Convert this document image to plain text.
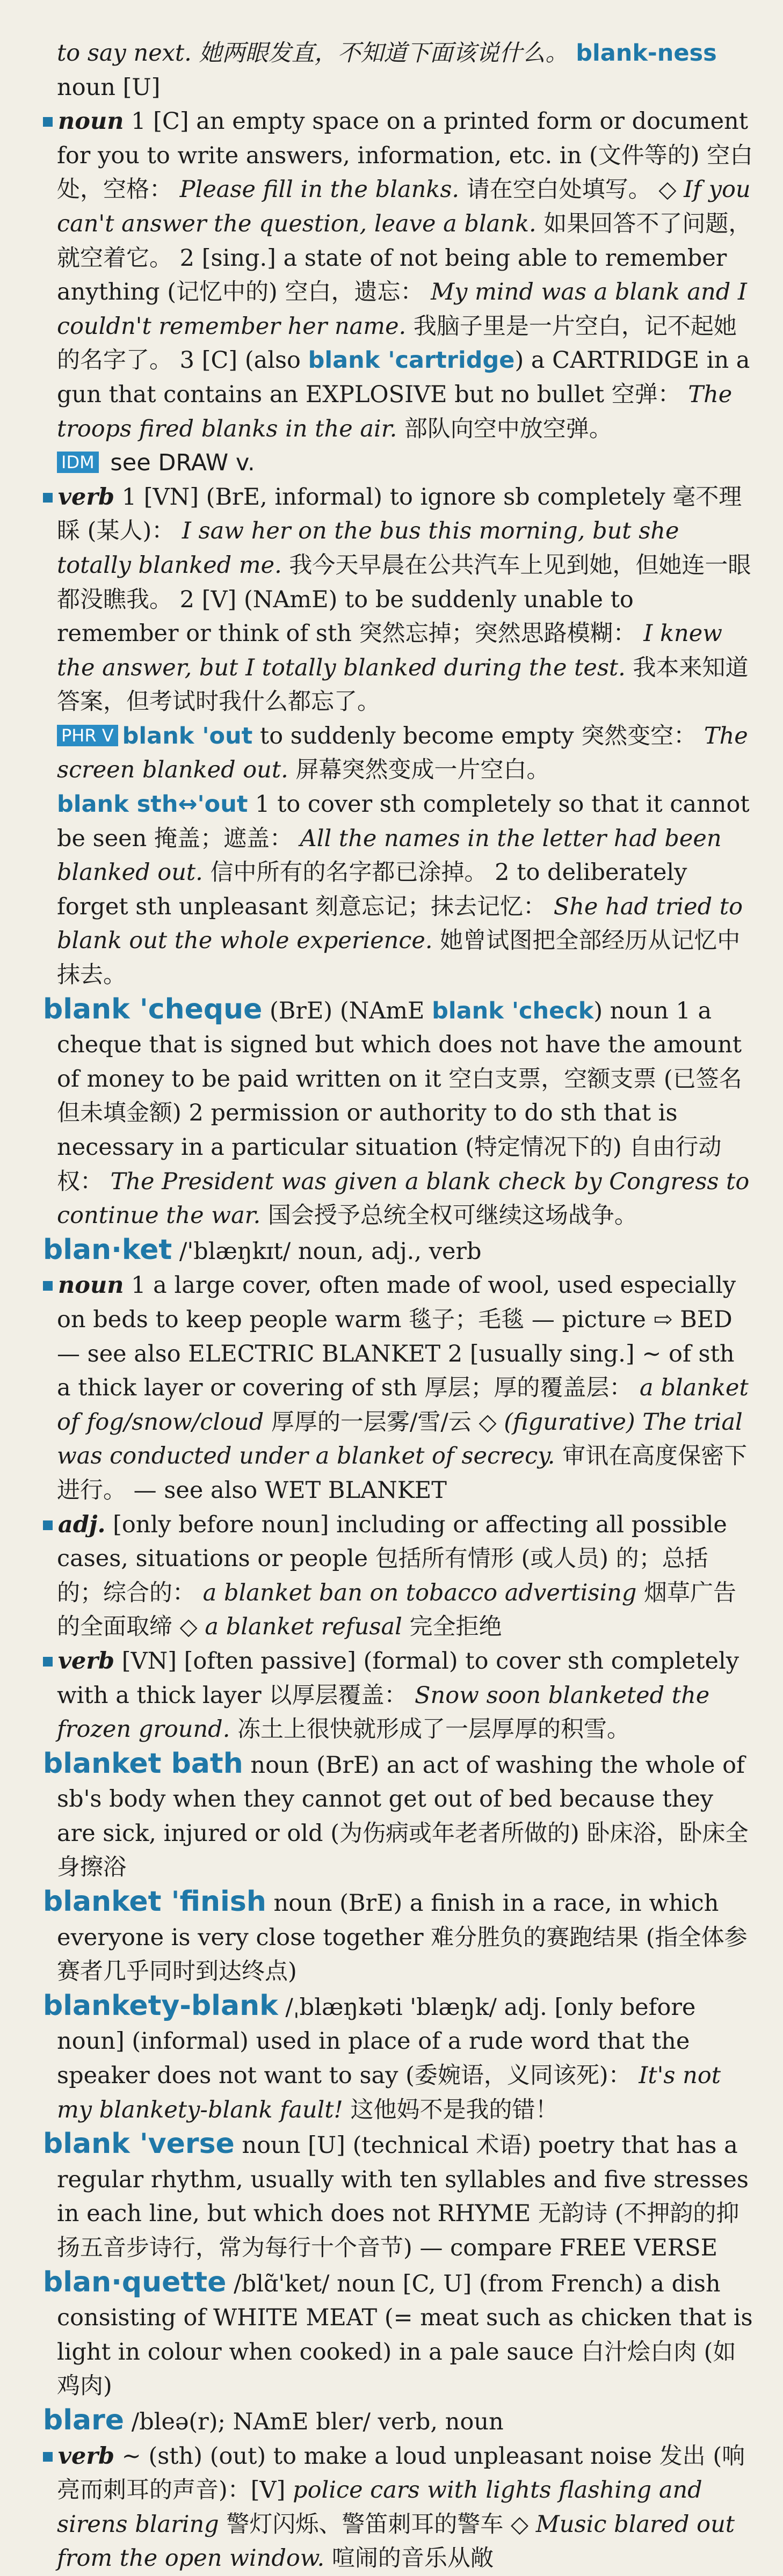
to say next. 她两眼发直，不知道下面该说什么。 blank-ness noun [U]

noun 1 [C] an empty space on a printed form or document for you to write answers, information, etc. in (文件等的) 空白处，空格： Please fill in the blanks. 请在空白处填写。 ◇ If you can't answer the question, leave a blank. 如果回答不了问题，就空着它。 2 [sing.] a state of not being able to remember anything (记忆中的) 空白，遗忘： My mind was a blank and I couldn't remember her name. 我脑子里是一片空白，记不起她的名字了。 3 [C] (also blank 'cartridge) a CARTRIDGE in a gun that contains an EXPLOSIVE but no bullet 空弹： The troops fired blanks in the air. 部队向空中放空弹。

IDM see DRAW v.

verb 1 [VN] (BrE, informal) to ignore sb completely 毫不理睬 (某人)： I saw her on the bus this morning, but she totally blanked me. 我今天早晨在公共汽车上见到她，但她连一眼都没瞧我。 2 [V] (NAmE) to be suddenly unable to remember or think of sth 突然忘掉；突然思路模糊： I knew the answer, but I totally blanked during the test. 我本来知道答案，但考试时我什么都忘了。

PHR V blank 'out to suddenly become empty 突然变空： The screen blanked out. 屏幕突然变成一片空白。

blank sth↔'out 1 to cover sth completely so that it cannot be seen 掩盖；遮盖： All the names in the letter had been blanked out. 信中所有的名字都已涂掉。 2 to deliberately forget sth unpleasant 刻意忘记；抹去记忆： She had tried to blank out the whole experience. 她曾试图把全部经历从记忆中抹去。

blank 'cheque (BrE) (NAmE blank 'check) noun 1 a cheque that is signed but which does not have the amount of money to be paid written on it 空白支票，空额支票 (已签名但未填金额) 2 permission or authority to do sth that is necessary in a particular situation (特定情况下的) 自由行动权： The President was given a blank check by Congress to continue the war. 国会授予总统全权可继续这场战争。

blan·ket /'blæŋkɪt/ noun, adj., verb

noun 1 a large cover, often made of wool, used especially on beds to keep people warm 毯子；毛毯 — picture ⇨ BED — see also ELECTRIC BLANKET 2 [usually sing.] ~ of sth a thick layer or covering of sth 厚层；厚的覆盖层： a blanket of fog/snow/cloud 厚厚的一层雾/雪/云 ◇ (figurative) The trial was conducted under a blanket of secrecy. 审讯在高度保密下进行。 — see also WET BLANKET

adj. [only before noun] including or affecting all possible cases, situations or people 包括所有情形 (或人员) 的；总括的；综合的： a blanket ban on tobacco advertising 烟草广告的全面取缔 ◇ a blanket refusal 完全拒绝

verb [VN] [often passive] (formal) to cover sth completely with a thick layer 以厚层覆盖： Snow soon blanketed the frozen ground. 冻土上很快就形成了一层厚厚的积雪。

blanket bath noun (BrE) an act of washing the whole of sb's body when they cannot get out of bed because they are sick, injured or old (为伤病或年老者所做的) 卧床浴，卧床全身擦浴

blanket 'finish noun (BrE) a finish in a race, in which everyone is very close together 难分胜负的赛跑结果 (指全体参赛者几乎同时到达终点)

blankety-blank /ˌblæŋkəti 'blæŋk/ adj. [only before noun] (informal) used in place of a rude word that the speaker does not want to say (委婉语，义同该死)： It's not my blankety-blank fault! 这他妈不是我的错！

blank 'verse noun [U] (technical 术语) poetry that has a regular rhythm, usually with ten syllables and five stresses in each line, but which does not RHYME 无韵诗 (不押韵的抑扬五音步诗行，常为每行十个音节) — compare FREE VERSE

blan·quette /blɑ̃'ket/ noun [C, U] (from French) a dish consisting of WHITE MEAT (= meat such as chicken that is light in colour when cooked) in a pale sauce 白汁烩白肉 (如鸡肉)

blare /bleə(r); NAmE bler/ verb, noun

verb ~ (sth) (out) to make a loud unpleasant noise 发出 (响亮而刺耳的声音)：[V] police cars with lights flashing and sirens blaring 警灯闪烁、警笛刺耳的警车 ◇ Music blared out from the open window. 喧闹的音乐从敞
